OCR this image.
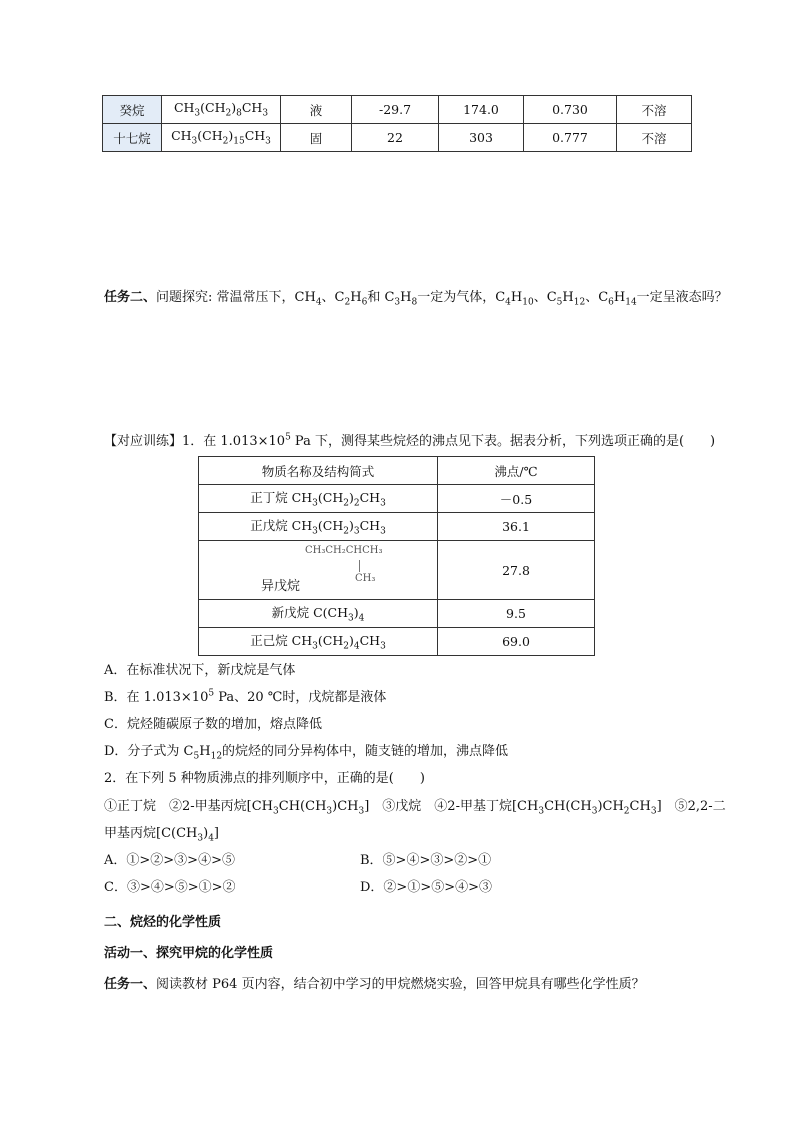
癸烷	$CH_3(CH_2)_8CH_3$	液	-29.7	174.0	0.730	不溶
十七烷	$CH_3(CH_2)_{15}CH_3$	固	22	303	0.777	不溶
任务二、问题探究: 常温常压下，$CH_4$、$C_2H_6$和 $C_3H_8$一定为气体，$C_4H_{10}$、$C_5H_{12}$、$C_6H_{14}$一定呈液态吗？
【对应训练】1．在 $1.013\times 10^5$ Pa 下，测得某些烷烃的沸点见下表。据表分析，下列选项正确的是(　　)
物质名称及结构简式	沸点/℃
正丁烷 $CH_3(CH_2)_2CH_3$	－0.5
正戊烷 $CH_3(CH_2)_3CH_3$	36.1

CH₃CH₂CHCH₃
CH₃
异戊烷	27.8
新戊烷 $C(CH_3)_4$	9.5
正己烷 $CH_3(CH_2)_4CH_3$	69.0
A．在标准状况下，新戊烷是气体
B．在 $1.013\times 10^5$ Pa、20 ℃时，戊烷都是液体
C．烷烃随碳原子数的增加，熔点降低
D．分子式为 $C_5H_{12}$的烷烃的同分异构体中，随支链的增加，沸点降低
2．在下列 5 种物质沸点的排列顺序中，正确的是(　　)
①正丁烷　②2-甲基丙烷$[CH_3CH(CH_3)CH_3]$　③戊烷　④2-甲基丁烷$[CH_3CH(CH_3)CH_2CH_3]$　⑤2,2-二
甲基丙烷$[C(CH_3)_4]$
A．①>②>③>④>⑤	B．⑤>④>③>②>①
C．③>④>⑤>①>②	D．②>①>⑤>④>③
二、烷烃的化学性质
活动一、探究甲烷的化学性质
任务一、阅读教材 P64 页内容，结合初中学习的甲烷燃烧实验，回答甲烷具有哪些化学性质？
